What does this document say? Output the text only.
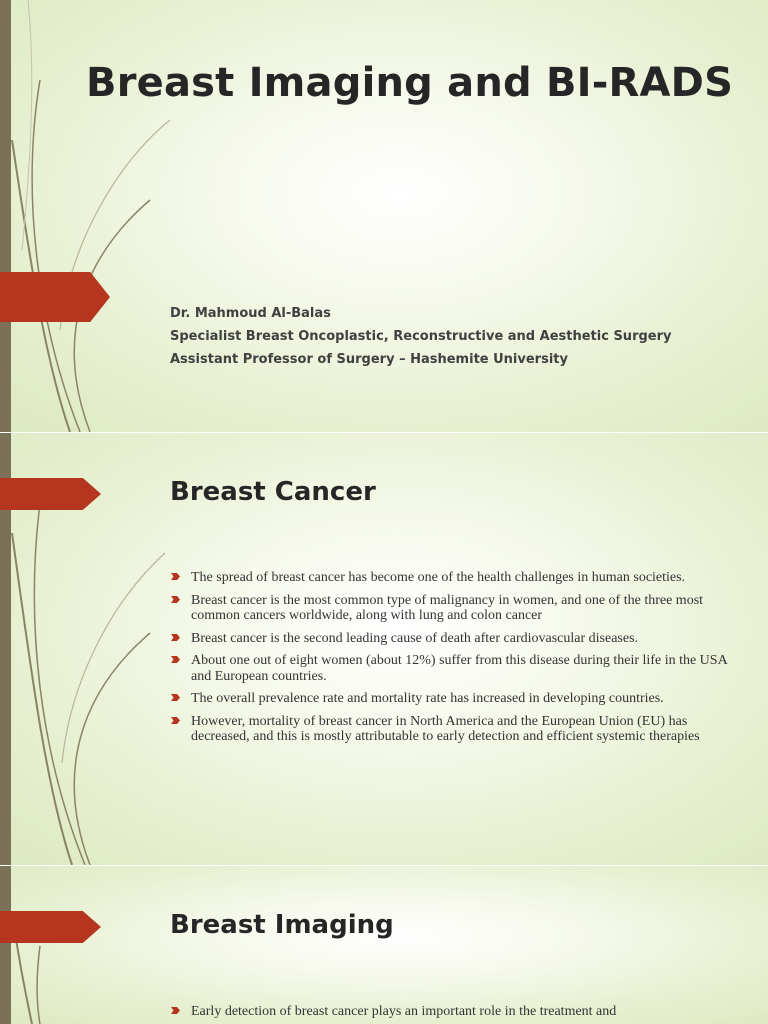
Breast Imaging and BI-RADS
Dr. Mahmoud Al-Balas
Specialist Breast Oncoplastic, Reconstructive and Aesthetic Surgery
Assistant Professor of Surgery – Hashemite University
Breast Cancer
The spread of breast cancer has become one of the health challenges in human societies.
Breast cancer is the most common type of malignancy in women, and one of the three most common cancers worldwide, along with lung and colon cancer
Breast cancer is the second leading cause of death after cardiovascular diseases.
About one out of eight women (about 12%) suffer from this disease during their life in the USA and European countries.
The overall prevalence rate and mortality rate has increased in developing countries.
However, mortality of breast cancer in North America and the European Union (EU) has decreased, and this is mostly attributable to early detection and efficient systemic therapies
Breast Imaging
Early detection of breast cancer plays an important role in the treatment and
